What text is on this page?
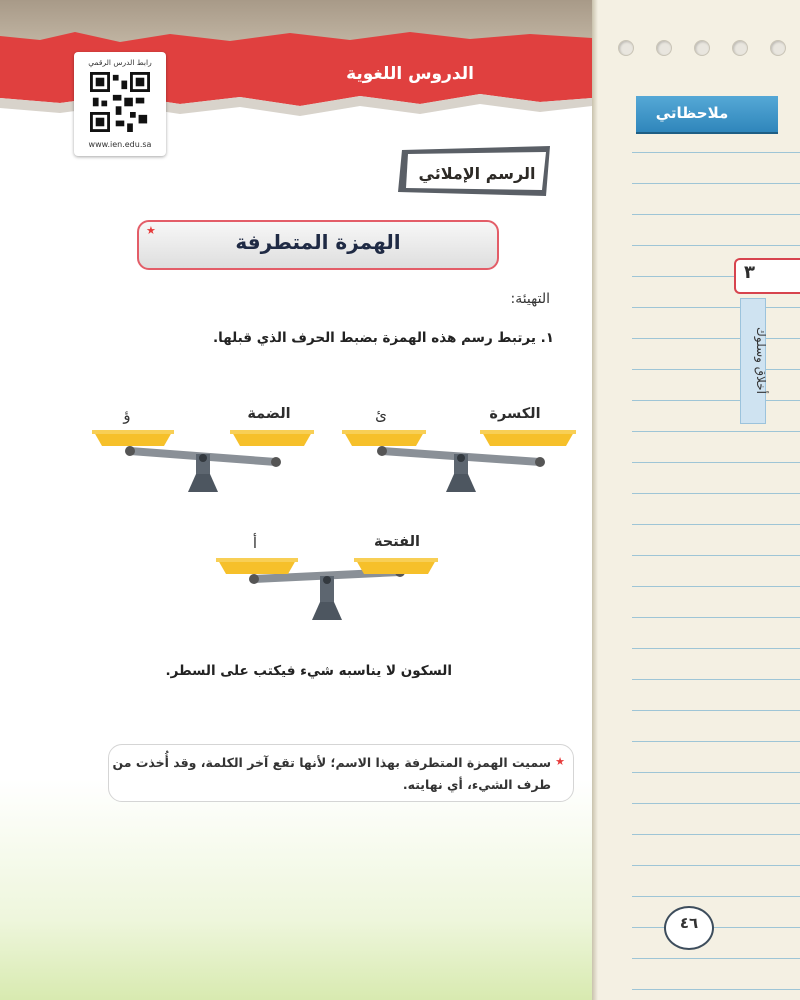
الدروس اللغوية
رابط الدرس الرقمي
www.ien.edu.sa
الرسم الإملائي
★	الهمزة المتطرفة
التهيئة:
١. يرتبط رسم هذه الهمزة بضبط الحرف الذي قبلها.
الكسرة
ئ
الضمة
ؤ
الفتحة
أ
السكون لا يناسبه شيء فيكتب على السطر.
★
سميت الهمزة المتطرفة بهذا الاسم؛ لأنها تقع آخر الكلمة، وقد أُخذت من طرف الشيء، أي نهايته.
ملاحظاتي
٣
أخلاق وسلوك
٤٦
